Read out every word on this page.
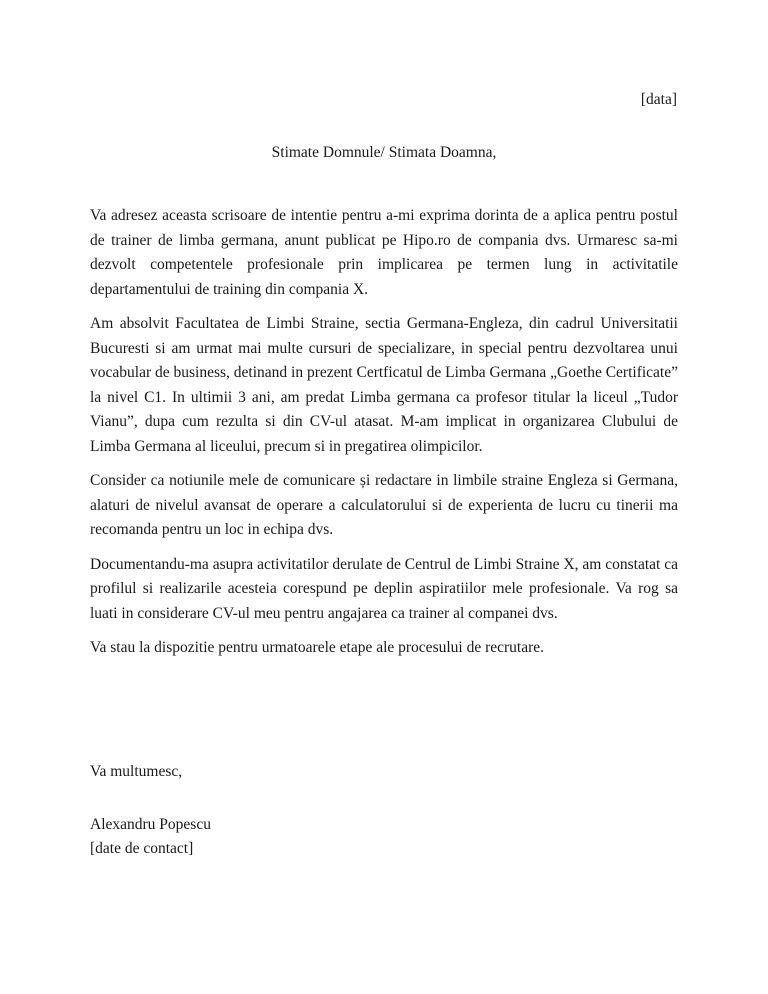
[data]
Stimate Domnule/ Stimata Doamna,

Va adresez aceasta scrisoare de intentie pentru a-mi exprima dorinta de a aplica pentru postul de trainer de limba germana, anunt publicat pe Hipo.ro de compania dvs. Urmaresc sa-mi dezvolt competentele profesionale prin implicarea pe termen lung in activitatile departamentului de training din compania X.

Am absolvit Facultatea de Limbi Straine, sectia Germana-Engleza, din cadrul Universitatii Bucuresti si am urmat mai multe cursuri de specializare, in special pentru dezvoltarea unui vocabular de business, detinand in prezent Certficatul de Limba Germana „Goethe Certificate” la nivel C1. In ultimii 3 ani, am predat Limba germana ca profesor titular la liceul „Tudor Vianu”, dupa cum rezulta si din CV-ul atasat. M-am implicat in organizarea Clubului de Limba Germana al liceului, precum si in pregatirea olimpicilor.

Consider ca notiunile mele de comunicare și redactare in limbile straine Engleza si Germana, alaturi de nivelul avansat de operare a calculatorului si de experienta de lucru cu tinerii ma recomanda pentru un loc in echipa dvs.

Documentandu-ma asupra activitatilor derulate de Centrul de Limbi Straine X, am constatat ca profilul si realizarile acesteia corespund pe deplin aspiratiilor mele profesionale. Va rog sa luati in considerare CV-ul meu pentru angajarea ca trainer al companei dvs.

Va stau la dispozitie pentru urmatoarele etape ale procesului de recrutare.

Va multumesc,
Alexandru Popescu
[date de contact]
